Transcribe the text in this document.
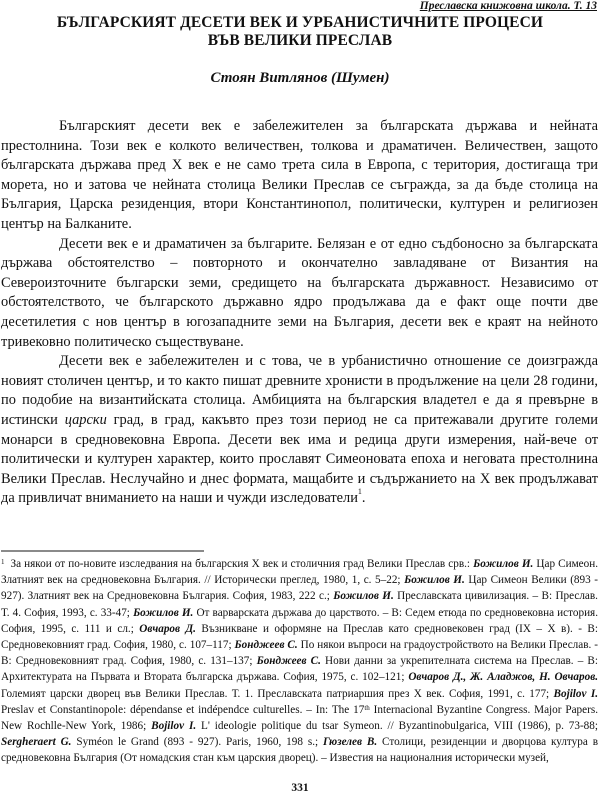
Преславска книжовна школа. Т. 13
БЪЛГАРСКИЯТ ДЕСЕТИ ВЕК И УРБАНИСТИЧНИТЕ ПРОЦЕСИ
ВЪВ ВЕЛИКИ ПРЕСЛАВ
Стоян Витлянов (Шумен)

Българският десети век е забележителен за българската държава и нейната престолнина. Този век е колкото величествен, толкова и драматичен. Величествен, защото българската държава пред X век е не само трета сила в Европа, с територия, достигаща три морета, но и затова че нейната столица Велики Преслав се съгражда, за да бъде столица на България, Царска резиденция, втори Константинопол, политически, културен и религиозен център на Балканите.

Десети век е и драматичен за българите. Белязан е от едно съдбоносно за българската държава обстоятелство – повторното и окончателно завладяване от Византия на Североизточните български земи, средището на българската държавност. Независимо от обстоятелството, че българското държавно ядро продължава да е факт още почти две десетилетия с нов център в югозападните земи на България, десети век е краят на нейното тривековно политическо съществуване.

Десети век е забележителен и с това, че в урбанистично отношение се доизгражда новият столичен център, и то както пишат древните хронисти в продължение на цели 28 години, по подобие на византийската столица. Амбицията на българския владетел е да я превърне в истински царски град, в град, какъвто през този период не са притежавали другите големи монарси в средновековна Европа. Десети век има и редица други измерения, най-вече от политически и културен характер, които прославят Симеоновата епоха и неговата престолнина Велики Преслав. Неслучайно и днес формата, мащабите и съдържанието на X век продължават да привличат вниманието на наши и чужди изследователи$^1$.

$^1$ За някои от по-новите изследвания на българския X век и столичния град Велики Преслав срв.: Божилов И. Цар Симеон. Златният век на средновековна България. // Исторически преглед, 1980, 1, с. 5–22; Божилов И. Цар Симеон Велики (893 - 927). Златният век на Средновековна България. София, 1983, 222 с.; Божилов И. Преславската цивилизация. – В: Преслав. Т. 4. София, 1993, с. 33-47; Божилов И. От варварската държава до царството. – В: Седем етюда по средновековна история. София, 1995, с. 111 и сл.; Овчаров Д. Възникване и оформяне на Преслав като средновековен град (IX – X в). - В: Средновековният град. София, 1980, с. 107–117; Бонджеев С. По някои въпроси на градоустройството на Велики Преслав. - В: Средновековният град. София, 1980, с. 131–137; Бонджеев С. Нови данни за укрепителната система на Преслав. – В: Архитектурата на Първата и Втората българска държава. София, 1975, с. 102–121; Овчаров Д., Ж. Аладжов, Н. Овчаров. Големият царски дворец във Велики Преслав. Т. 1. Преславската патриаршия през X век. София, 1991, с. 177; Bojilov I. Preslav et Constantinopole: dépendanse et indépendce culturelles. – In: The 17th Internacional Byzantine Congress. Major Papers. New Rochlle-New York, 1986; Bojilov I. L' ideologie politique du tsar Symeon. // Byzantinobulgarica, VIII (1986), p. 73-88; Sergheraert G. Syméon le Grand (893 - 927). Paris, 1960, 198 s.; Гюзелев В. Столици, резиденции и дворцова култура в средновековна България (От номадския стан към царския дворец). – Известия на националния исторически музей,

331
